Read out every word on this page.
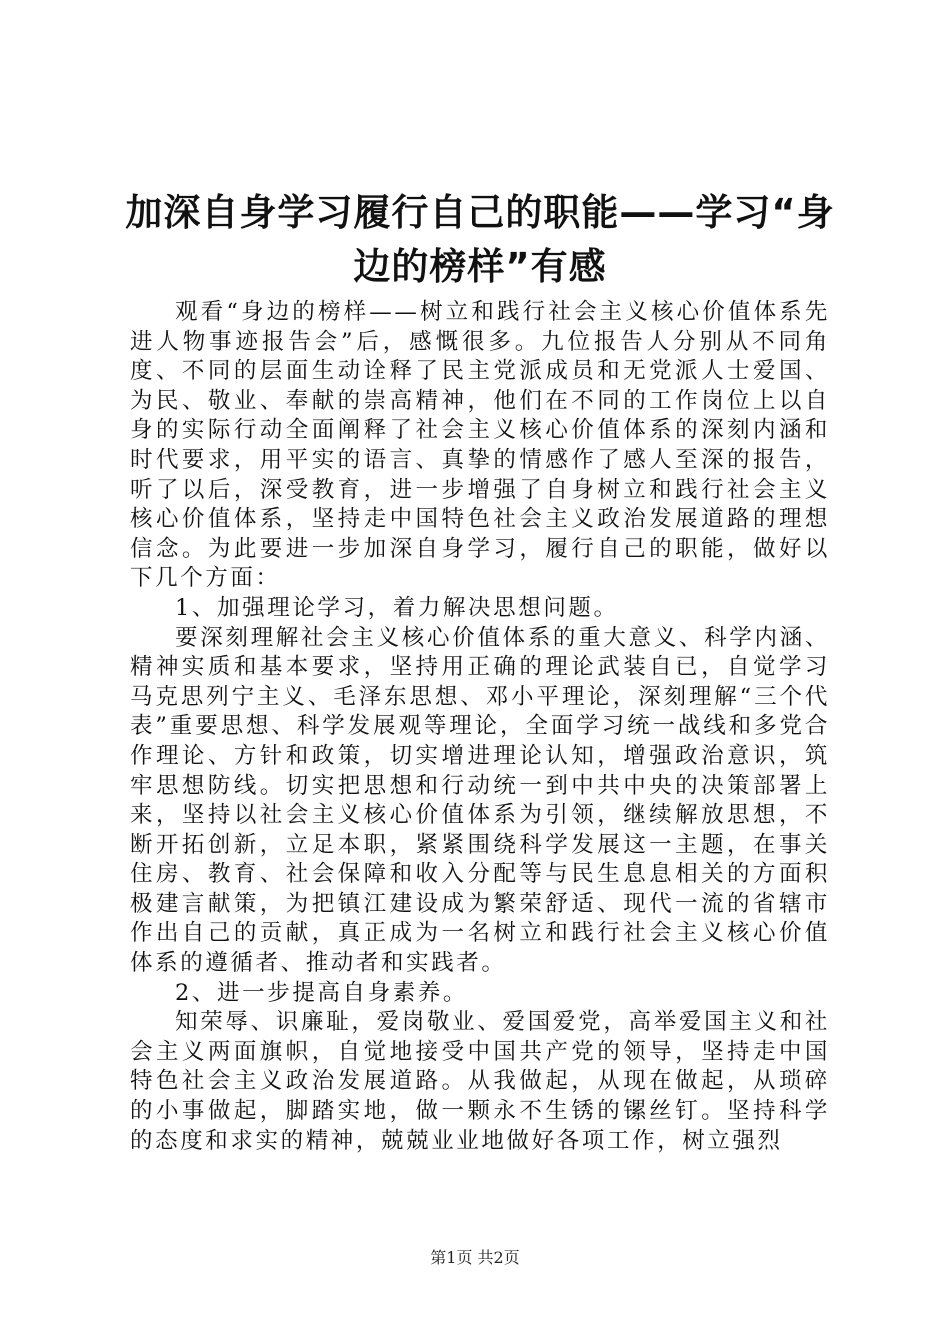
加深自身学习履行自己的职能——学习“身边的榜样”有感

观看“身边的榜样——树立和践行社会主义核心价值体系先进人物事迹报告会”后，感慨很多。九位报告人分别从不同角度、不同的层面生动诠释了民主党派成员和无党派人士爱国、为民、敬业、奉献的崇高精神，他们在不同的工作岗位上以自身的实际行动全面阐释了社会主义核心价值体系的深刻内涵和时代要求，用平实的语言、真挚的情感作了感人至深的报告，听了以后，深受教育，进一步增强了自身树立和践行社会主义核心价值体系，坚持走中国特色社会主义政治发展道路的理想信念。为此要进一步加深自身学习，履行自己的职能，做好以下几个方面：

1、加强理论学习，着力解决思想问题。

要深刻理解社会主义核心价值体系的重大意义、科学内涵、精神实质和基本要求，坚持用正确的理论武装自已，自觉学习马克思列宁主义、毛泽东思想、邓小平理论，深刻理解“三个代表”重要思想、科学发展观等理论，全面学习统一战线和多党合作理论、方针和政策，切实增进理论认知，增强政治意识，筑牢思想防线。切实把思想和行动统一到中共中央的决策部署上来，坚持以社会主义核心价值体系为引领，继续解放思想，不断开拓创新，立足本职，紧紧围绕科学发展这一主题，在事关住房、教育、社会保障和收入分配等与民生息息相关的方面积极建言献策，为把镇江建设成为繁荣舒适、现代一流的省辖市作出自己的贡献，真正成为一名树立和践行社会主义核心价值体系的遵循者、推动者和实践者。

2、进一步提高自身素养。

知荣辱、识廉耻，爱岗敬业、爱国爱党，高举爱国主义和社会主义两面旗帜，自觉地接受中国共产党的领导，坚持走中国特色社会主义政治发展道路。从我做起，从现在做起，从琐碎的小事做起，脚踏实地，做一颗永不生锈的镙丝钉。坚持科学的态度和求实的精神，兢兢业业地做好各项工作，树立强烈

第1页 共2页
